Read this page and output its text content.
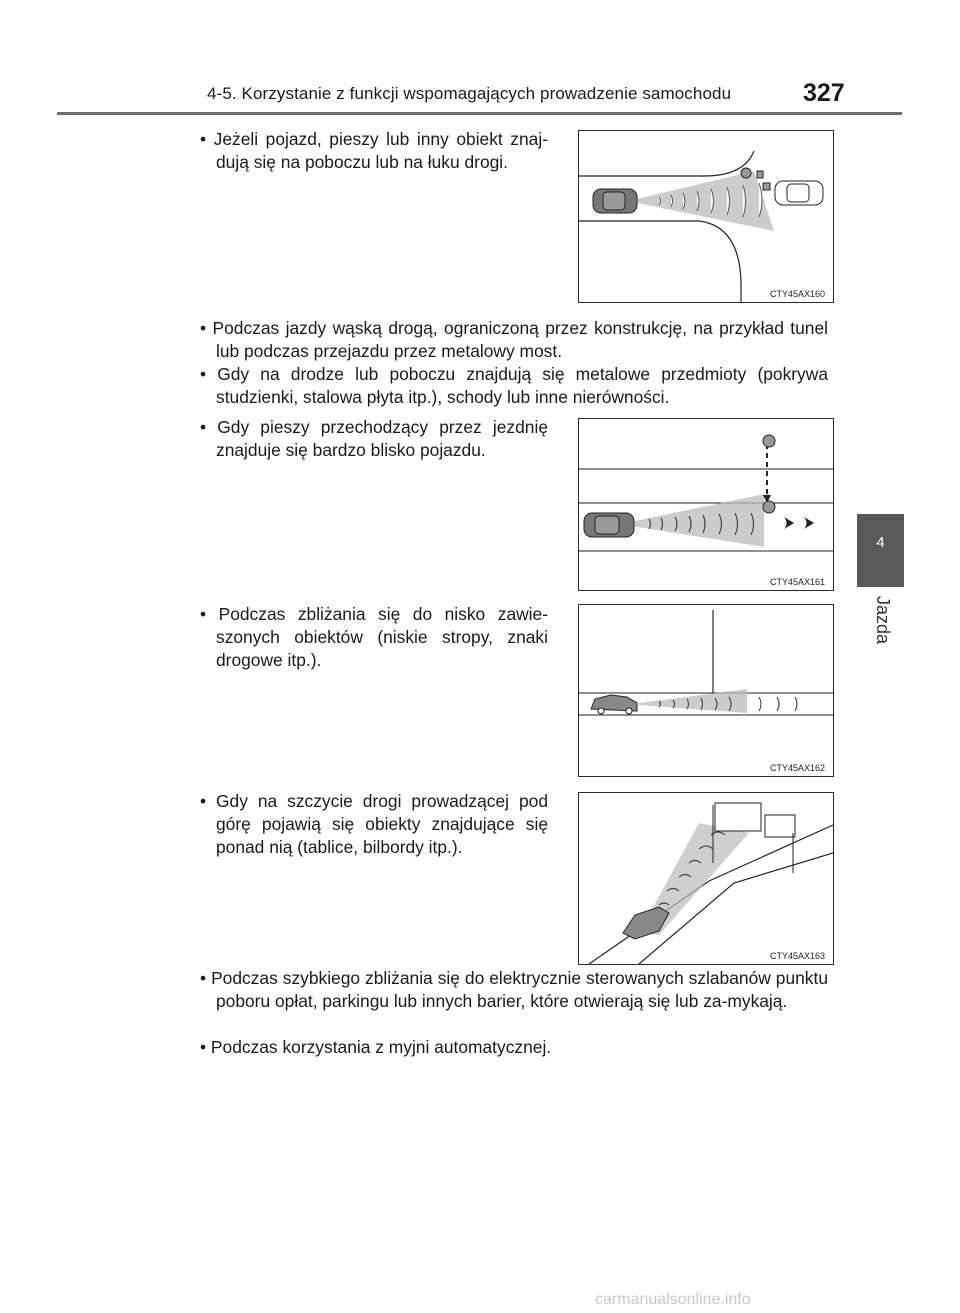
4-5. Korzystanie z funkcji wspomagających prowadzenie samochodu	327
4
Jazda
• Jeżeli pojazd, pieszy lub inny obiekt znaj-dują się na poboczu lub na łuku drogi.
• Podczas jazdy wąską drogą, ograniczoną przez konstrukcję, na przykład tunel lub podczas przejazdu przez metalowy most.
• Gdy na drodze lub poboczu znajdują się metalowe przedmioty (pokrywa studzienki, stalowa płyta itp.), schody lub inne nierówności.
• Gdy pieszy przechodzący przez jezdnię znajduje się bardzo blisko pojazdu.
• Podczas zbliżania się do nisko zawie-szonych obiektów (niskie stropy, znaki drogowe itp.).
• Gdy na szczycie drogi prowadzącej pod górę pojawią się obiekty znajdujące się ponad nią (tablice, bilbordy itp.).
• Podczas szybkiego zbliżania się do elektrycznie sterowanych szlabanów punktu poboru opłat, parkingu lub innych barier, które otwierają się lub za-mykają.
• Podczas korzystania z myjni automatycznej.
CTY45AX160
CTY45AX161
CTY45AX162
CTY45AX163
carmanualsonline.info
